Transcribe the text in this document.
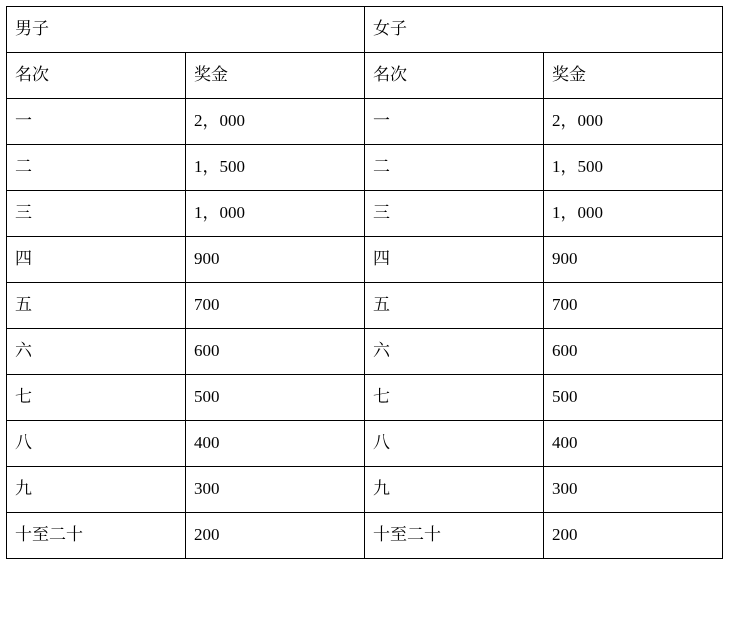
男子		女子	

名次	奖金	名次	奖金

一	2，000	一	2，000

二	1，500	二	1，500

三	1，000	三	1，000

四	900	四	900

五	700	五	700

六	600	六	600

七	500	七	500

八	400	八	400

九	300	九	300

十至二十	200	十至二十	200
